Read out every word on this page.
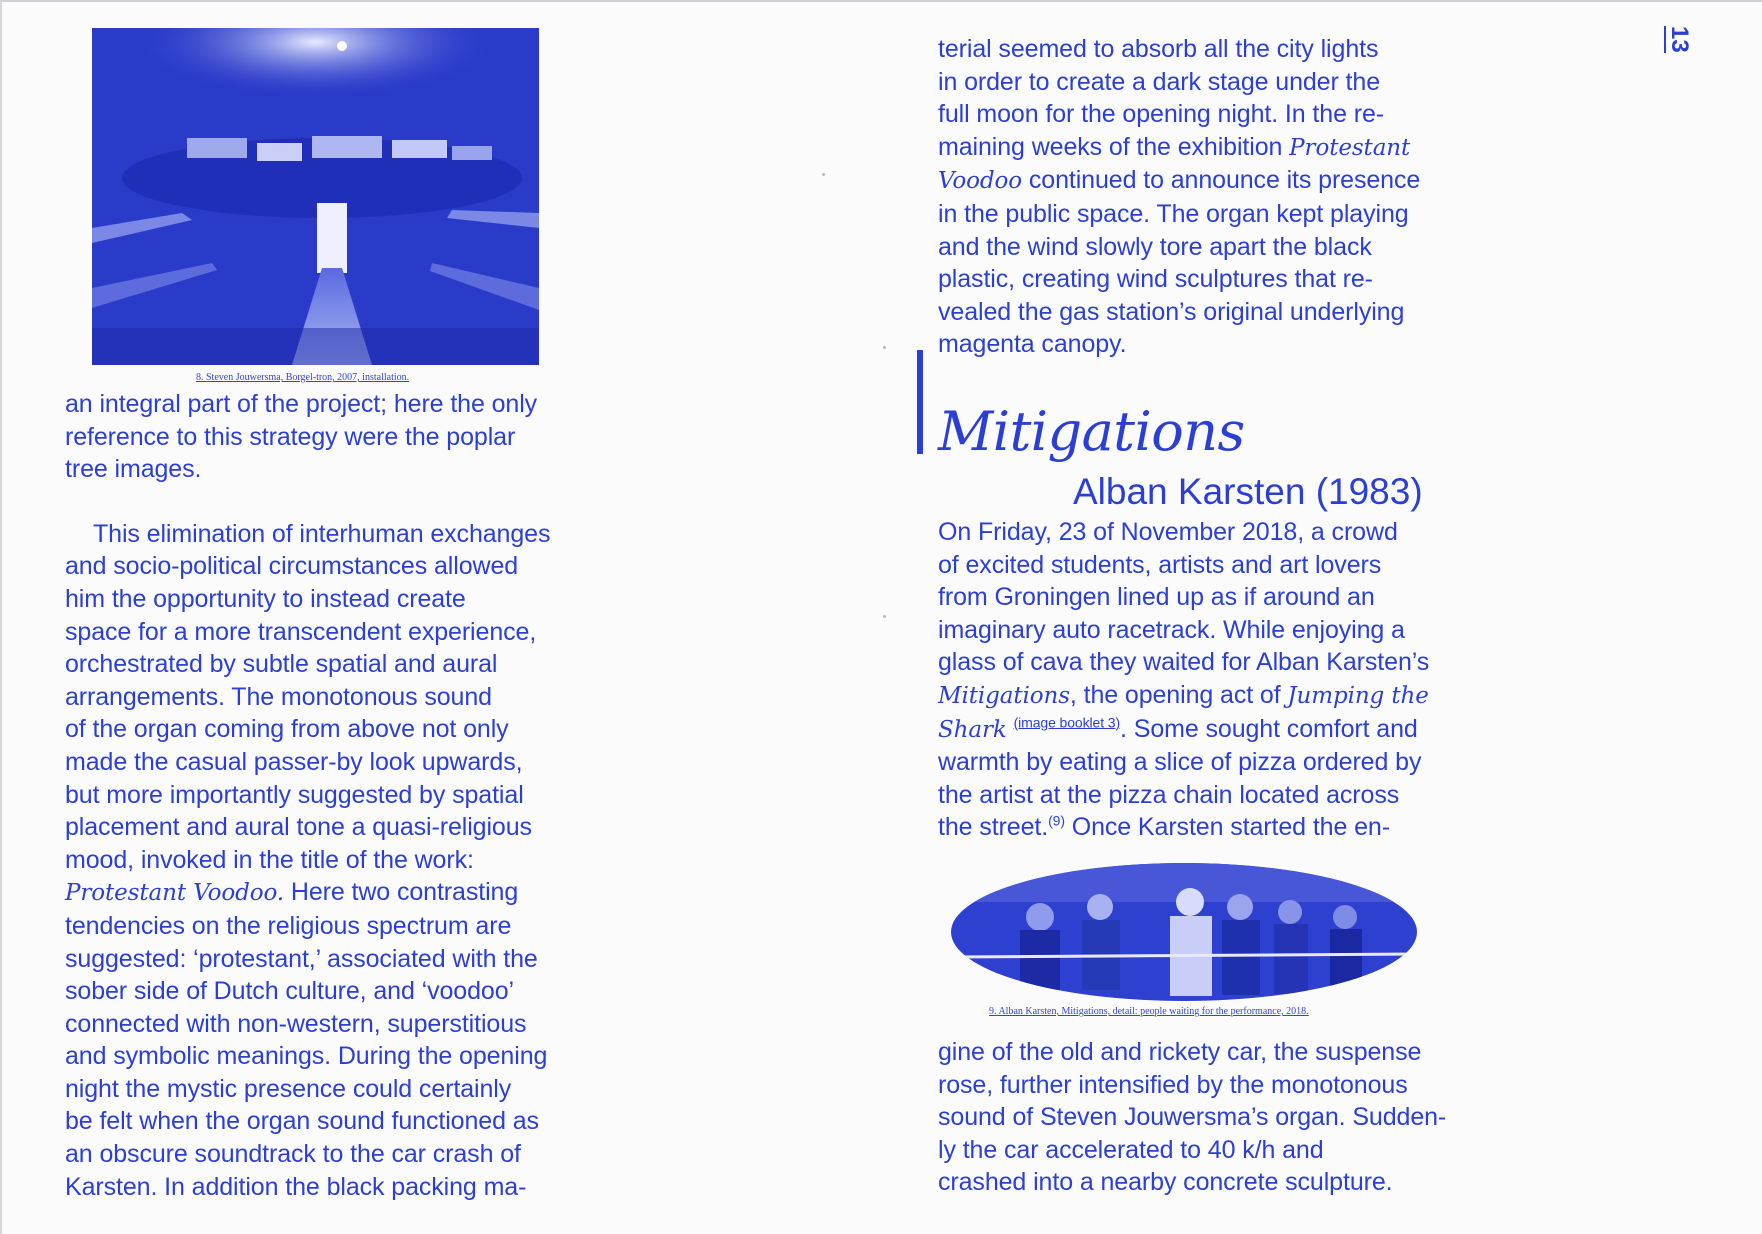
8. Steven Jouwersma, Borgel-tron, 2007, installation.

an integral part of the project; here the only

reference to this strategy were the poplar

tree images.

This elimination of interhuman exchanges

and socio-political circumstances allowed

him the opportunity to instead create

space for a more transcendent experience,

orchestrated by subtle spatial and aural

arrangements. The monotonous sound

of the organ coming from above not only

made the casual passer-by look upwards,

but more importantly suggested by spatial

placement and aural tone a quasi-religious

mood, invoked in the title of the work:

Protestant Voodoo. Here two contrasting

tendencies on the religious spectrum are

suggested: ‘protestant,’ associated with the

sober side of Dutch culture, and ‘voodoo’

connected with non-western, superstitious

and symbolic meanings. During the opening

night the mystic presence could certainly

be felt when the organ sound functioned as

an obscure soundtrack to the car crash of

Karsten. In addition the black packing ma-

terial seemed to absorb all the city lights

in order to create a dark stage under the

full moon for the opening night. In the re-

maining weeks of the exhibition Protestant

Voodoo continued to announce its presence

in the public space. The organ kept playing

and the wind slowly tore apart the black

plastic, creating wind sculptures that re-

vealed the gas station’s original underlying

magenta canopy.

Mitigations
Alban Karsten (1983)

On Friday, 23 of November 2018, a crowd

of excited students, artists and art lovers

from Groningen lined up as if around an

imaginary auto racetrack. While enjoying a

glass of cava they waited for Alban Karsten’s

Mitigations, the opening act of Jumping the

Shark $^{(image booklet 3)}$. Some sought comfort and

warmth by eating a slice of pizza ordered by

the artist at the pizza chain located across

the street.$^{(9)}$ Once Karsten started the en-

9. Alban Karsten, Mitigations, detail: people waiting for the performance, 2018.

gine of the old and rickety car, the suspense

rose, further intensified by the monotonous

sound of Steven Jouwersma’s organ. Sudden-

ly the car accelerated to 40 k/h and

crashed into a nearby concrete sculpture.

13
